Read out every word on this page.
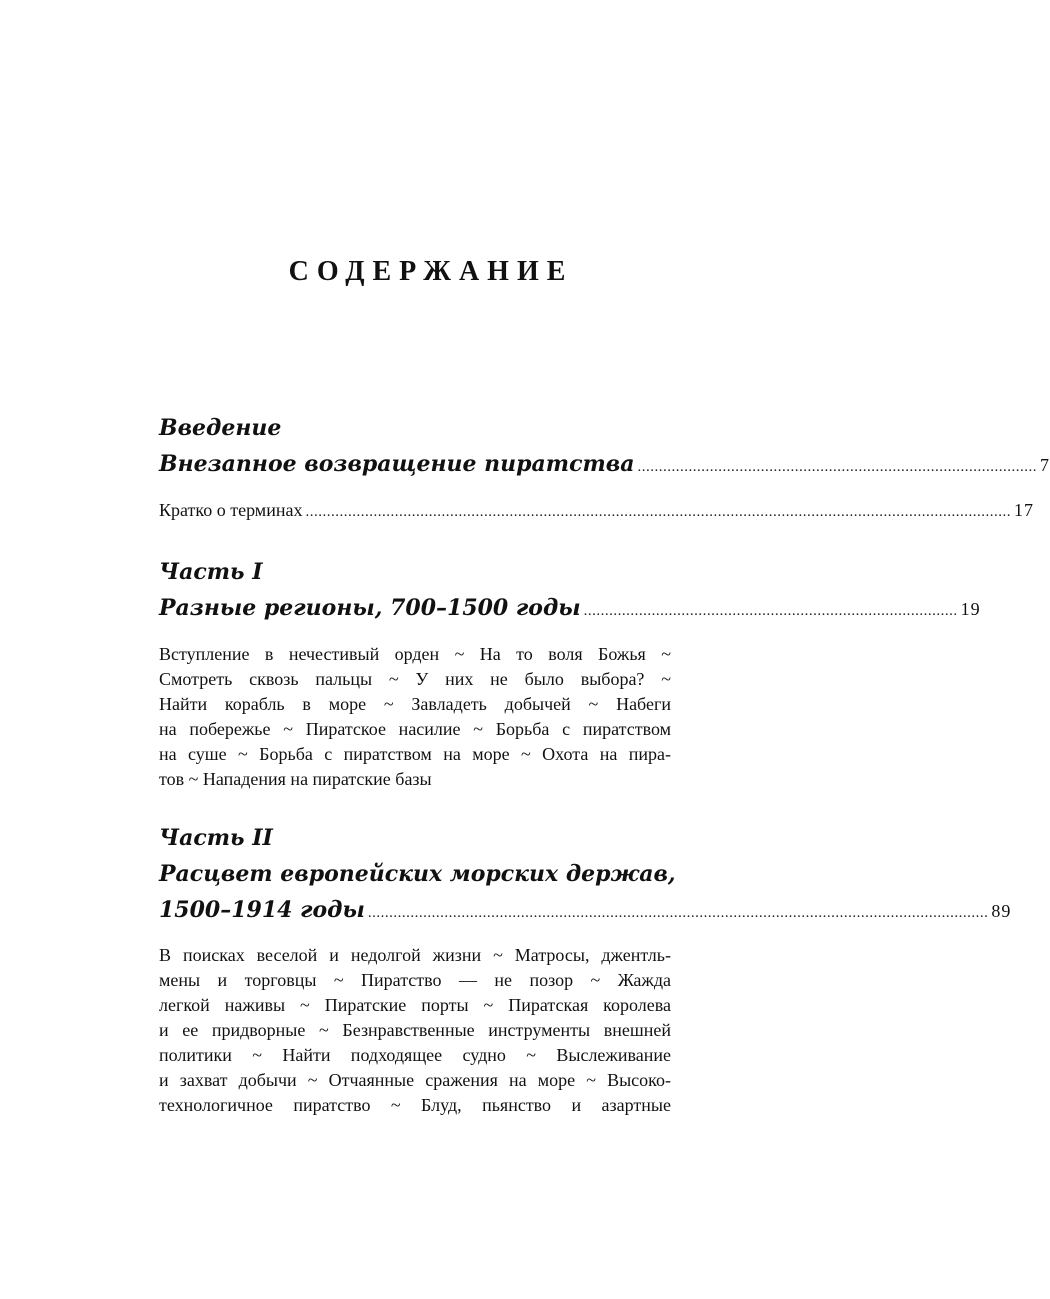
СОДЕРЖАНИЕ
Введение
Внезапное возвращение пиратства .............................................................................................. 7
Кратко о терминах ...................................................................................................................................................................... 17
Часть I
Разные регионы, 700–1500 годы ........................................................................................ 19
Вступление в нечестивый орден ~ На то воля Божья ~
Смотреть сквозь пальцы ~ У них не было выбора? ~
Найти корабль в море ~ Завладеть добычей ~ Набеги
на побережье ~ Пиратское насилие ~ Борьба с пиратством
на суше ~ Борьба с пиратством на море ~ Охота на пира-
тов ~ Нападения на пиратские базы
Часть II
Расцвет европейских морских держав,
1500–1914 годы .................................................................................................................................................. 89
В поисках веселой и недолгой жизни ~ Матросы, джентль-
мены и торговцы ~ Пиратство — не позор ~ Жажда
легкой наживы ~ Пиратские порты ~ Пиратская королева
и ее придворные ~ Безнравственные инструменты внешней
политики ~ Найти подходящее судно ~ Выслеживание
и захват добычи ~ Отчаянные сражения на море ~ Высоко-
технологичное пиратство ~ Блуд, пьянство и азартные
